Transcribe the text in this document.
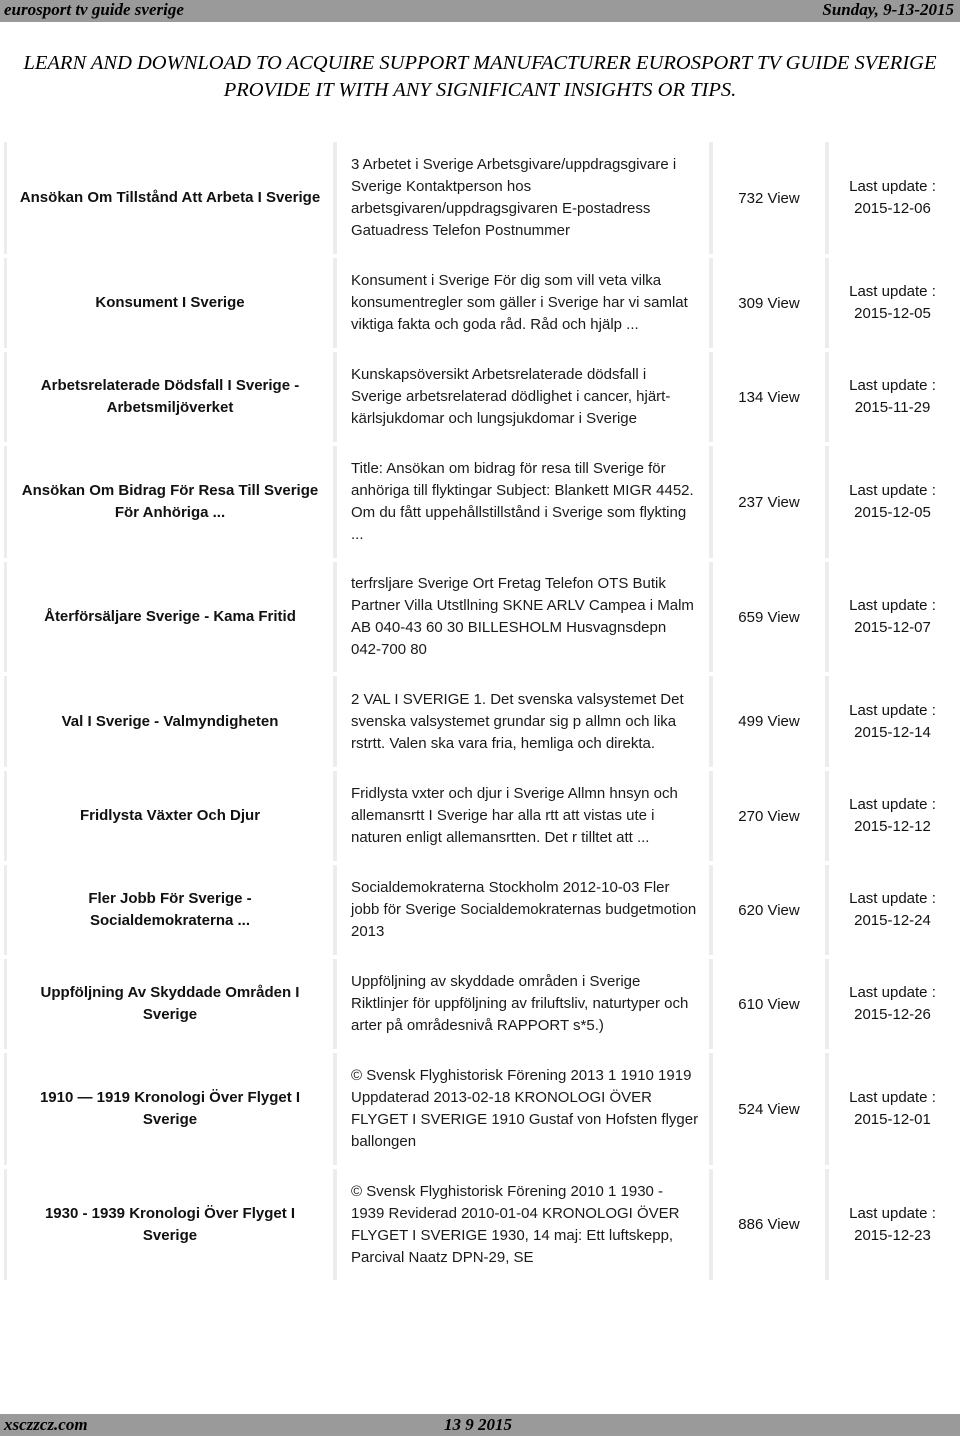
eurosport tv guide sverige	Sunday, 9-13-2015
LEARN AND DOWNLOAD TO ACQUIRE SUPPORT MANUFACTURER EUROSPORT TV GUIDE SVERIGE
PROVIDE IT WITH ANY SIGNIFICANT INSIGHTS OR TIPS.
Ansökan Om Tillstånd Att Arbeta I Sverige
3 Arbetet i Sverige Arbetsgivare/uppdragsgivare i Sverige Kontaktperson hos arbetsgivaren/uppdragsgivaren E-postadress Gatuadress Telefon Postnummer
732 View
Last update :
2015-12-06
Konsument I Sverige
Konsument i Sverige För dig som vill veta vilka konsumentregler som gäller i Sverige har vi samlat viktiga fakta och goda råd. Råd och hjälp ...
309 View
Last update :
2015-12-05
Arbetsrelaterade Dödsfall I Sverige - Arbetsmiljöverket
Kunskapsöversikt Arbetsrelaterade dödsfall i Sverige arbetsrelaterad dödlighet i cancer, hjärt-kärlsjukdomar och lungsjukdomar i Sverige
134 View
Last update :
2015-11-29
Ansökan Om Bidrag För Resa Till Sverige För Anhöriga ...
Title: Ansökan om bidrag för resa till Sverige för anhöriga till flyktingar Subject: Blankett MIGR 4452. Om du fått uppehållstillstånd i Sverige som flykting ...
237 View
Last update :
2015-12-05
Återförsäljare Sverige - Kama Fritid
terfrsljare Sverige Ort Fretag Telefon OTS Butik Partner Villa Utstllning SKNE ARLV Campea i Malm AB 040-43 60 30 BILLESHOLM Husvagnsdepn 042-700 80
659 View
Last update :
2015-12-07
Val I Sverige - Valmyndigheten
2 VAL I SVERIGE 1. Det svenska valsystemet Det svenska valsystemet grundar sig p allmn och lika rstrtt. Valen ska vara fria, hemliga och direkta.
499 View
Last update :
2015-12-14
Fridlysta Växter Och Djur
Fridlysta vxter och djur i Sverige Allmn hnsyn och allemansrtt I Sverige har alla rtt att vistas ute i naturen enligt allemansrtten. Det r tilltet att ...
270 View
Last update :
2015-12-12
Fler Jobb För Sverige - Socialdemokraterna ...
Socialdemokraterna Stockholm 2012-10-03 Fler jobb för Sverige Socialdemokraternas budgetmotion 2013
620 View
Last update :
2015-12-24
Uppföljning Av Skyddade Områden I Sverige
Uppföljning av skyddade områden i Sverige Riktlinjer för uppföljning av friluftsliv, naturtyper och arter på områdesnivå RAPPORT s*5.)
610 View
Last update :
2015-12-26
1910 — 1919 Kronologi Över Flyget I Sverige
© Svensk Flyghistorisk Förening 2013 1 1910 1919 Uppdaterad 2013-02-18 KRONOLOGI ÖVER FLYGET I SVERIGE 1910 Gustaf von Hofsten flyger ballongen
524 View
Last update :
2015-12-01
1930 - 1939 Kronologi Över Flyget I Sverige
© Svensk Flyghistorisk Förening 2010 1 1930 - 1939 Reviderad 2010-01-04 KRONOLOGI ÖVER FLYGET I SVERIGE 1930, 14 maj: Ett luftskepp, Parcival Naatz DPN-29, SE
886 View
Last update :
2015-12-23
xsczzcz.com	13 9 2015
